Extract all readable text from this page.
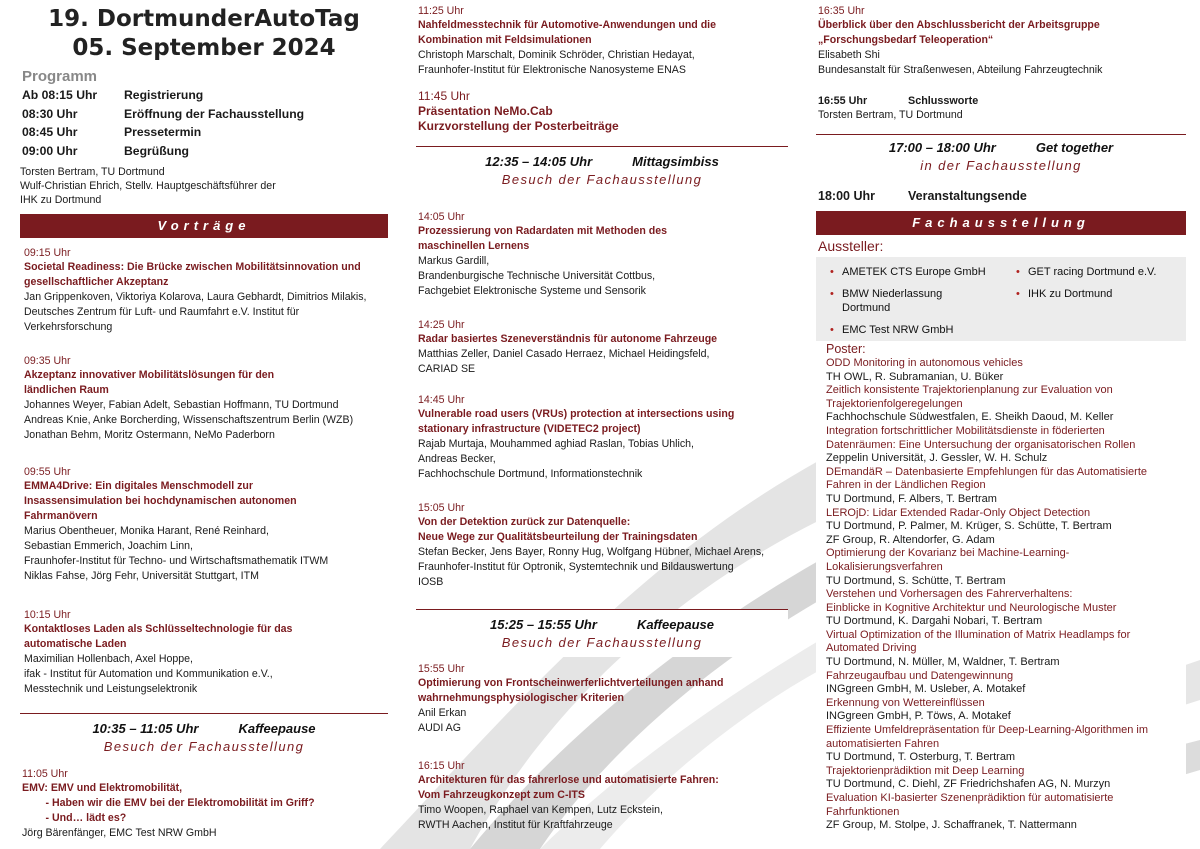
19. DortmunderAutoTag
05. September 2024
Programm
Ab 08:15 Uhr	Registrierung
08:30 Uhr	Eröffnung der Fachausstellung
08:45 Uhr	Pressetermin
09:00 Uhr	Begrüßung
Torsten Bertram, TU Dortmund
Wulf-Christian Ehrich, Stellv. Hauptgeschäftsführer der
IHK zu Dortmund
Vorträge
09:15 Uhr
Societal Readiness: Die Brücke zwischen Mobilitätsinnovation und
gesellschaftlicher Akzeptanz
Jan Grippenkoven, Viktoriya Kolarova, Laura Gebhardt, Dimitrios Milakis,
Deutsches Zentrum für Luft- und Raumfahrt e.V. Institut für
Verkehrsforschung
09:35 Uhr
Akzeptanz innovativer Mobilitätslösungen für den
ländlichen Raum
Johannes Weyer, Fabian Adelt, Sebastian Hoffmann, TU Dortmund
Andreas Knie, Anke Borcherding, Wissenschaftszentrum Berlin (WZB)
Jonathan Behm, Moritz Ostermann, NeMo Paderborn
09:55 Uhr
EMMA4Drive: Ein digitales Menschmodell zur
Insassensimulation bei hochdynamischen autonomen
Fahrmanövern
Marius Obentheuer, Monika Harant, René Reinhard,
Sebastian Emmerich, Joachim Linn,
Fraunhofer-Institut für Techno- und Wirtschaftsmathematik ITWM
Niklas Fahse, Jörg Fehr, Universität Stuttgart, ITM
10:15 Uhr
Kontaktloses Laden als Schlüsseltechnologie für das
automatische Laden
Maximilian Hollenbach, Axel Hoppe,
ifak - Institut für Automation und Kommunikation e.V.,
Messtechnik und Leistungselektronik
10:35 – 11:05 Uhr	Kaffeepause
Besuch der Fachausstellung
11:05 Uhr
EMV: EMV und Elektromobilität,
- Haben wir die EMV bei der Elektromobilität im Griff?
- Und… lädt es?
Jörg Bärenfänger, EMC Test NRW GmbH
11:25 Uhr
Nahfeldmesstechnik für Automotive-Anwendungen und die
Kombination mit Feldsimulationen
Christoph Marschalt, Dominik Schröder, Christian Hedayat,
Fraunhofer-Institut für Elektronische Nanosysteme ENAS
11:45 Uhr
Präsentation NeMo.Cab
Kurzvorstellung der Posterbeiträge
12:35 – 14:05 Uhr	Mittagsimbiss
Besuch der Fachausstellung
14:05 Uhr
Prozessierung von Radardaten mit Methoden des
maschinellen Lernens
Markus Gardill,
Brandenburgische Technische Universität Cottbus,
Fachgebiet Elektronische Systeme und Sensorik
14:25 Uhr
Radar basiertes Szeneverständnis für autonome Fahrzeuge
Matthias Zeller, Daniel Casado Herraez, Michael Heidingsfeld,
CARIAD SE
14:45 Uhr
Vulnerable road users (VRUs) protection at intersections using
stationary infrastructure (VIDETEC2 project)
Rajab Murtaja, Mouhammed aghiad Raslan, Tobias Uhlich,
Andreas Becker,
Fachhochschule Dortmund, Informationstechnik
15:05 Uhr
Von der Detektion zurück zur Datenquelle:
Neue Wege zur Qualitätsbeurteilung der Trainingsdaten
Stefan Becker, Jens Bayer, Ronny Hug, Wolfgang Hübner, Michael Arens,
Fraunhofer-Institut für Optronik, Systemtechnik und Bildauswertung
IOSB
15:25 – 15:55 Uhr	Kaffeepause
Besuch der Fachausstellung
15:55 Uhr
Optimierung von Frontscheinwerferlichtverteilungen anhand
wahrnehmungsphysiologischer Kriterien
Anil Erkan
AUDI AG
16:15 Uhr
Architekturen für das fahrerlose und automatisierte Fahren:
Vom Fahrzeugkonzept zum C-ITS
Timo Woopen, Raphael van Kempen, Lutz Eckstein,
RWTH Aachen, Institut für Kraftfahrzeuge
16:35 Uhr
Überblick über den Abschlussbericht der Arbeitsgruppe
„Forschungsbedarf Teleoperation“
Elisabeth Shi
Bundesanstalt für Straßenwesen, Abteilung Fahrzeugtechnik
16:55 Uhr	Schlussworte
Torsten Bertram, TU Dortmund
17:00 – 18:00 Uhr	Get together
in der Fachausstellung
18:00 Uhr	Veranstaltungsende
Fachausstellung
Aussteller:
• AMETEK CTS Europe GmbH	• GET racing Dortmund e.V.
• BMW Niederlassung
Dortmund
• IHK zu Dortmund
• EMC Test NRW GmbH
Poster:
ODD Monitoring in autonomous vehicles
TH OWL, R. Subramanian, U. Büker
Zeitlich konsistente Trajektorienplanung zur Evaluation von
Trajektorienfolgeregelungen
Fachhochschule Südwestfalen, E. Sheikh Daoud, M. Keller
Integration fortschrittlicher Mobilitätsdienste in föderierten
Datenräumen: Eine Untersuchung der organisatorischen Rollen
Zeppelin Universität, J. Gessler, W. H. Schulz
DEmandäR – Datenbasierte Empfehlungen für das Automatisierte
Fahren in der Ländlichen Region
TU Dortmund, F. Albers, T. Bertram
LEROjD: Lidar Extended Radar-Only Object Detection
TU Dortmund, P. Palmer, M. Krüger, S. Schütte, T. Bertram
ZF Group, R. Altendorfer, G. Adam
Optimierung der Kovarianz bei Machine-Learning-
Lokalisierungsverfahren
TU Dortmund, S. Schütte, T. Bertram
Verstehen und Vorhersagen des Fahrerverhaltens:
Einblicke in Kognitive Architektur und Neurologische Muster
TU Dortmund, K. Dargahi Nobari, T. Bertram
Virtual Optimization of the Illumination of Matrix Headlamps for
Automated Driving
TU Dortmund, N. Müller, M, Waldner, T. Bertram
Fahrzeugaufbau und Datengewinnung
INGgreen GmbH, M. Usleber, A. Motakef
Erkennung von Wettereinflüssen
INGgreen GmbH, P. Töws, A. Motakef
Effiziente Umfeldrepräsentation für Deep-Learning-Algorithmen im
automatisierten Fahren
TU Dortmund, T. Osterburg, T. Bertram
Trajektorienprädiktion mit Deep Learning
TU Dortmund, C. Diehl, ZF Friedrichshafen AG, N. Murzyn
Evaluation KI-basierter Szenenprädiktion für automatisierte
Fahrfunktionen
ZF Group, M. Stolpe, J. Schaffranek, T. Nattermann
